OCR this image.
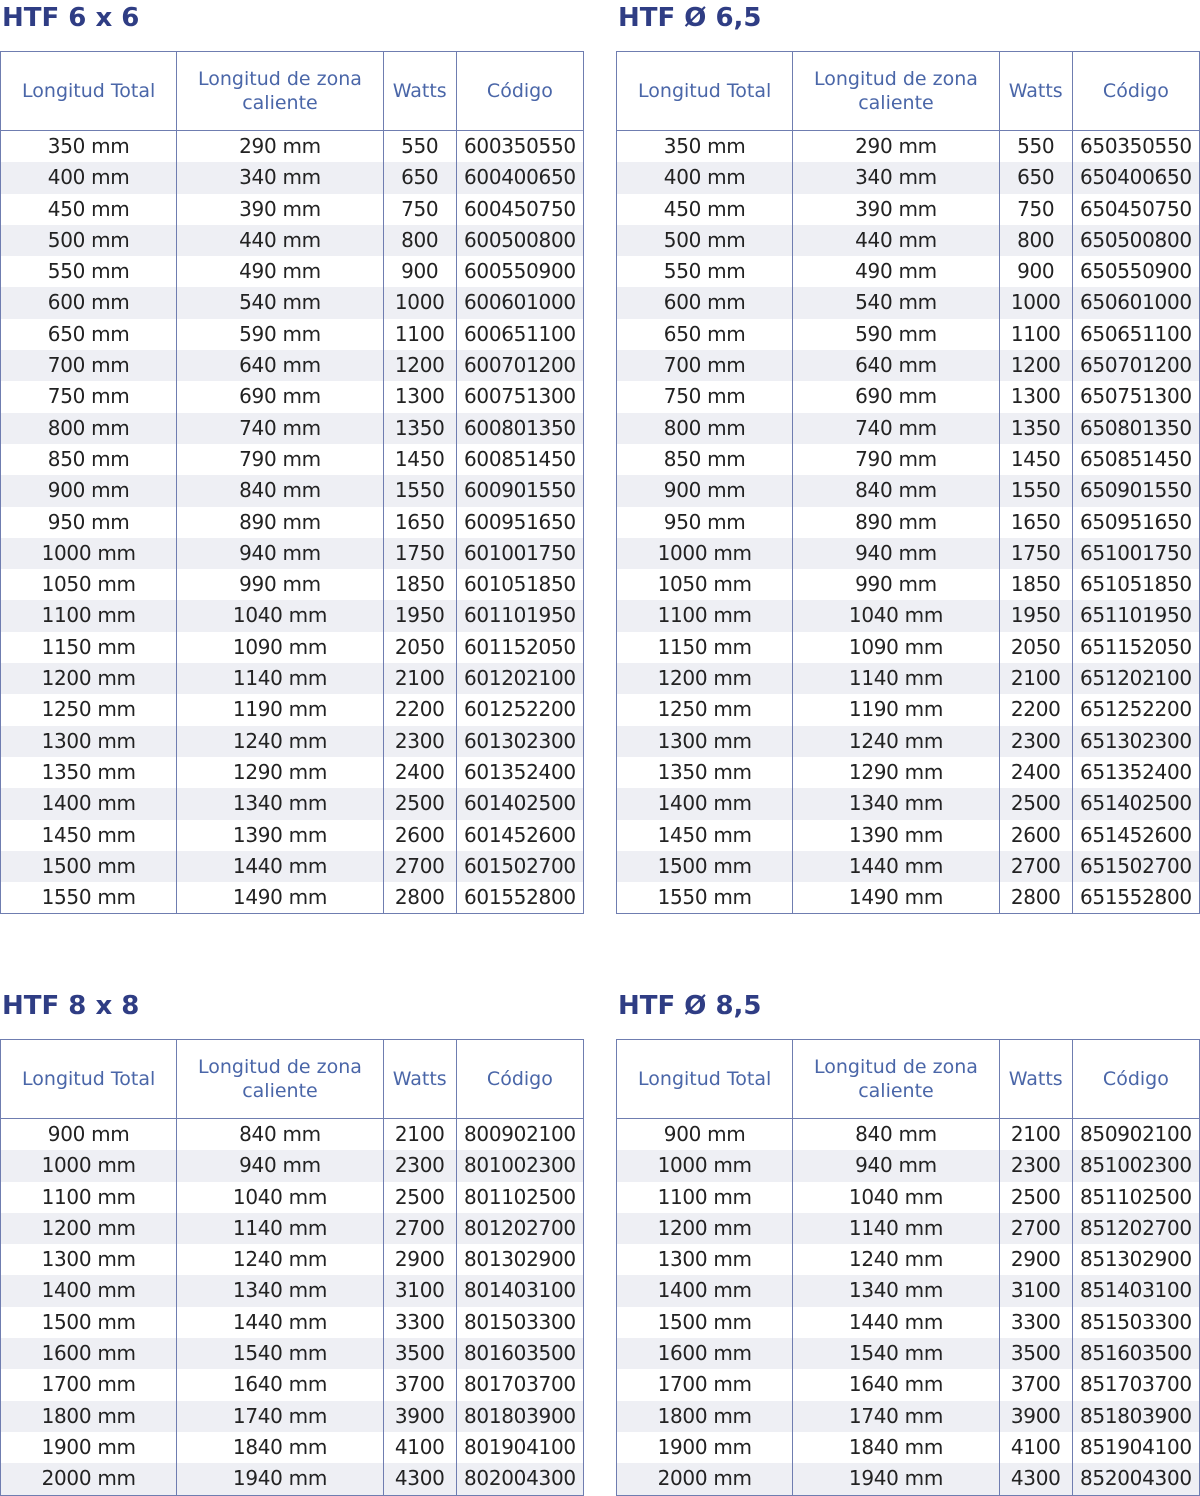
HTF 6 x 6
Longitud Total	Longitud de zona caliente	Watts	Código
350 mm	290 mm	550	600350550
400 mm	340 mm	650	600400650
450 mm	390 mm	750	600450750
500 mm	440 mm	800	600500800
550 mm	490 mm	900	600550900
600 mm	540 mm	1000	600601000
650 mm	590 mm	1100	600651100
700 mm	640 mm	1200	600701200
750 mm	690 mm	1300	600751300
800 mm	740 mm	1350	600801350
850 mm	790 mm	1450	600851450
900 mm	840 mm	1550	600901550
950 mm	890 mm	1650	600951650
1000 mm	940 mm	1750	601001750
1050 mm	990 mm	1850	601051850
1100 mm	1040 mm	1950	601101950
1150 mm	1090 mm	2050	601152050
1200 mm	1140 mm	2100	601202100
1250 mm	1190 mm	2200	601252200
1300 mm	1240 mm	2300	601302300
1350 mm	1290 mm	2400	601352400
1400 mm	1340 mm	2500	601402500
1450 mm	1390 mm	2600	601452600
1500 mm	1440 mm	2700	601502700
1550 mm	1490 mm	2800	601552800
HTF Ø 6,5
Longitud Total	Longitud de zona caliente	Watts	Código
350 mm	290 mm	550	650350550
400 mm	340 mm	650	650400650
450 mm	390 mm	750	650450750
500 mm	440 mm	800	650500800
550 mm	490 mm	900	650550900
600 mm	540 mm	1000	650601000
650 mm	590 mm	1100	650651100
700 mm	640 mm	1200	650701200
750 mm	690 mm	1300	650751300
800 mm	740 mm	1350	650801350
850 mm	790 mm	1450	650851450
900 mm	840 mm	1550	650901550
950 mm	890 mm	1650	650951650
1000 mm	940 mm	1750	651001750
1050 mm	990 mm	1850	651051850
1100 mm	1040 mm	1950	651101950
1150 mm	1090 mm	2050	651152050
1200 mm	1140 mm	2100	651202100
1250 mm	1190 mm	2200	651252200
1300 mm	1240 mm	2300	651302300
1350 mm	1290 mm	2400	651352400
1400 mm	1340 mm	2500	651402500
1450 mm	1390 mm	2600	651452600
1500 mm	1440 mm	2700	651502700
1550 mm	1490 mm	2800	651552800
HTF 8 x 8
Longitud Total	Longitud de zona caliente	Watts	Código
900 mm	840 mm	2100	800902100
1000 mm	940 mm	2300	801002300
1100 mm	1040 mm	2500	801102500
1200 mm	1140 mm	2700	801202700
1300 mm	1240 mm	2900	801302900
1400 mm	1340 mm	3100	801403100
1500 mm	1440 mm	3300	801503300
1600 mm	1540 mm	3500	801603500
1700 mm	1640 mm	3700	801703700
1800 mm	1740 mm	3900	801803900
1900 mm	1840 mm	4100	801904100
2000 mm	1940 mm	4300	802004300
HTF Ø 8,5
Longitud Total	Longitud de zona caliente	Watts	Código
900 mm	840 mm	2100	850902100
1000 mm	940 mm	2300	851002300
1100 mm	1040 mm	2500	851102500
1200 mm	1140 mm	2700	851202700
1300 mm	1240 mm	2900	851302900
1400 mm	1340 mm	3100	851403100
1500 mm	1440 mm	3300	851503300
1600 mm	1540 mm	3500	851603500
1700 mm	1640 mm	3700	851703700
1800 mm	1740 mm	3900	851803900
1900 mm	1840 mm	4100	851904100
2000 mm	1940 mm	4300	852004300
